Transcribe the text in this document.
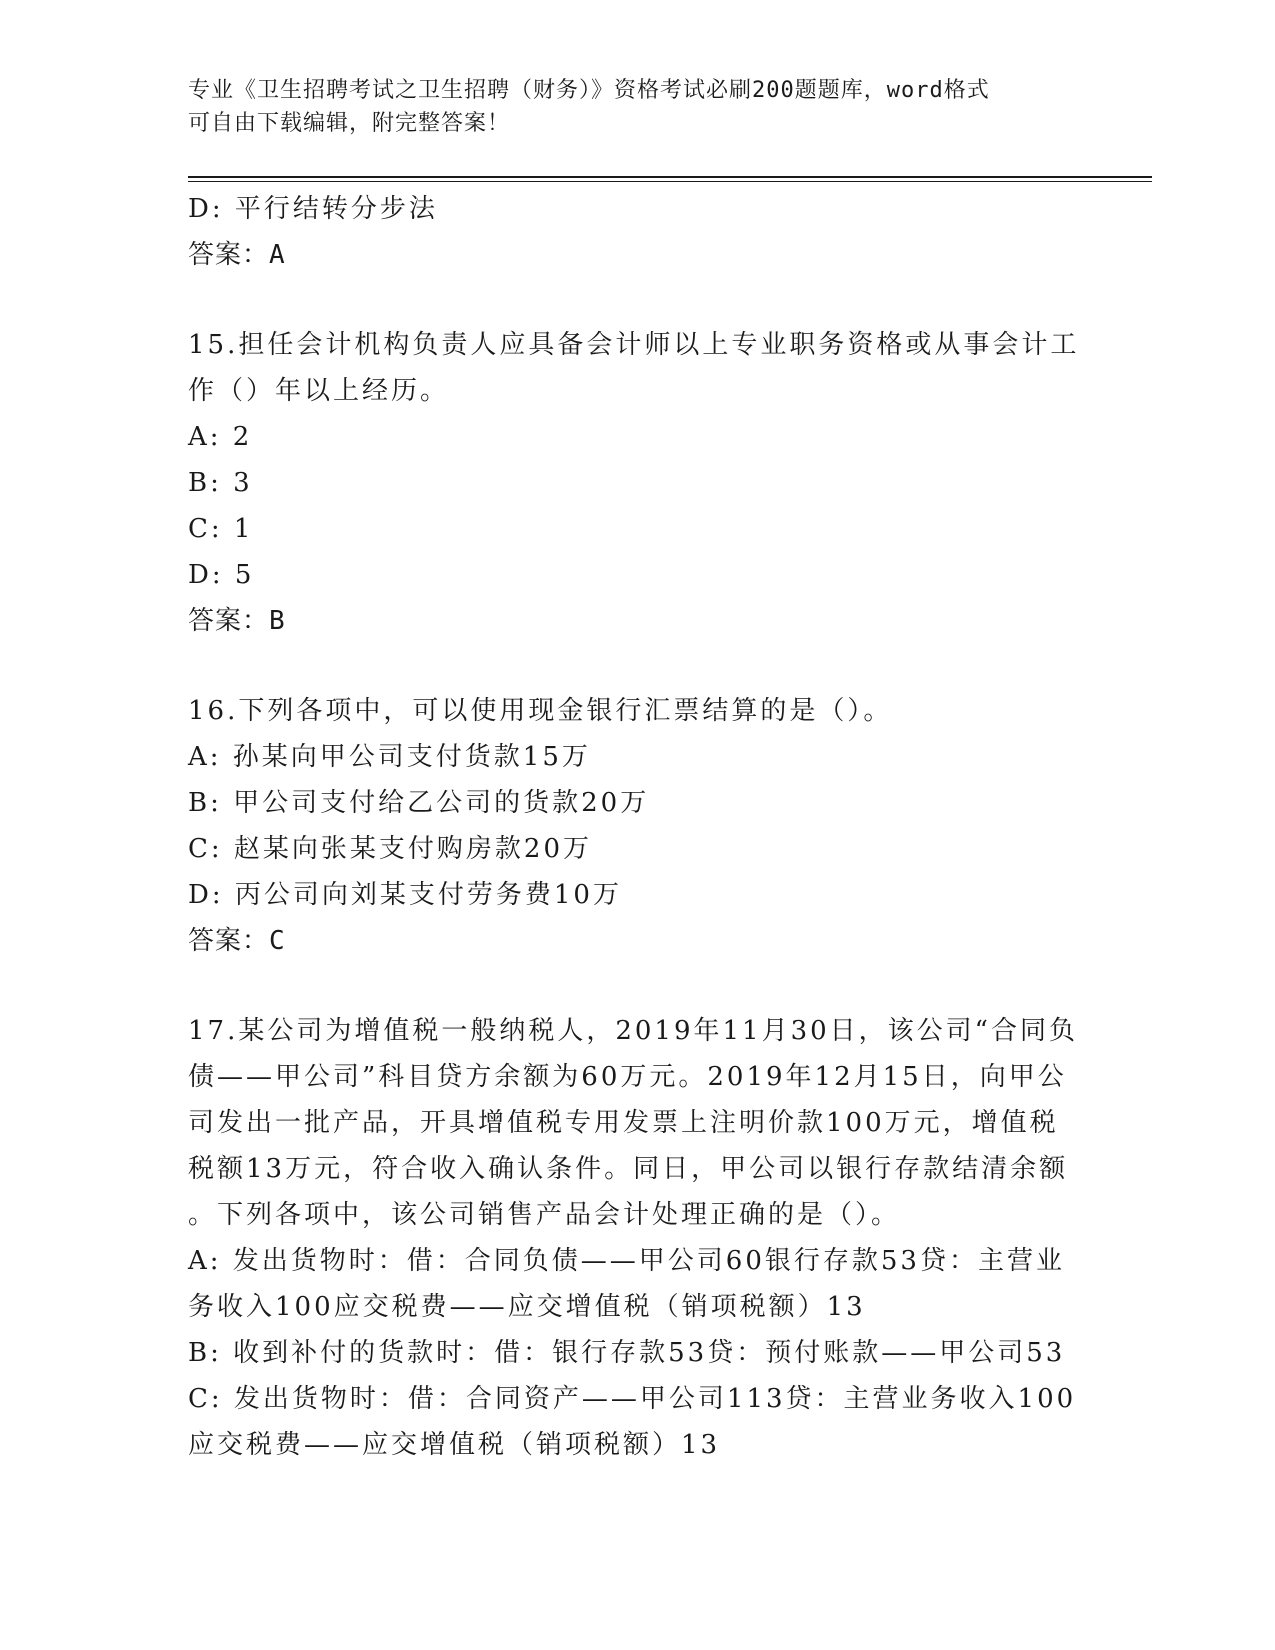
专业《卫生招聘考试之卫生招聘（财务）》资格考试必刷200题题库，word格式
可自由下载编辑，附完整答案！
D: 平行结转分步法
答案：A
15.担任会计机构负责人应具备会计师以上专业职务资格或从事会计工
作（）年以上经历。
A: 2
B: 3
C: 1
D: 5
答案：B
16.下列各项中，可以使用现金银行汇票结算的是（）。
A: 孙某向甲公司支付货款15万
B: 甲公司支付给乙公司的货款20万
C: 赵某向张某支付购房款20万
D: 丙公司向刘某支付劳务费10万
答案：C
17.某公司为增值税一般纳税人，2019年11月30日，该公司“合同负
债——甲公司”科目贷方余额为60万元。2019年12月15日，向甲公
司发出一批产品，开具增值税专用发票上注明价款100万元，增值税
税额13万元，符合收入确认条件。同日，甲公司以银行存款结清余额
。下列各项中，该公司销售产品会计处理正确的是（）。
A: 发出货物时：借：合同负债——甲公司60银行存款53贷：主营业
务收入100应交税费——应交增值税（销项税额）13
B: 收到补付的货款时：借：银行存款53贷：预付账款——甲公司53
C: 发出货物时：借：合同资产——甲公司113贷：主营业务收入100
应交税费——应交增值税（销项税额）13
